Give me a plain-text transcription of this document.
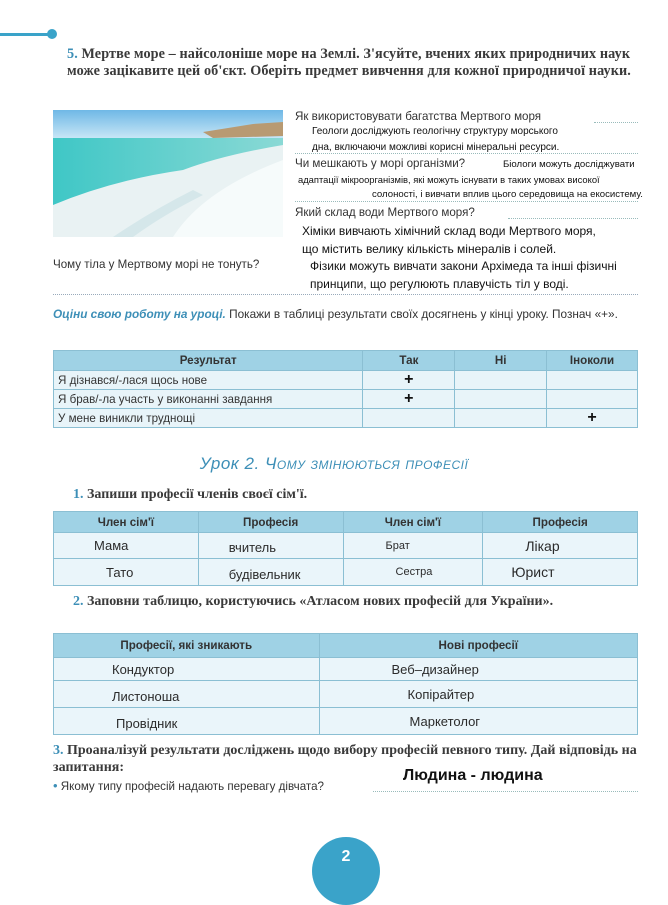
5. Мертве море – найсолоніше море на Землі. З'ясуйте, вчених яких природничих наук може зацікавите цей об'єкт. Оберіть предмет вивчення для кожної природничої науки.
Як використовувати багатства Мертвого моря
Геологи досліджують геологічну структуру морського
дна, включаючи можливі корисні мінеральні ресурси.
Чи мешкають у морі організми?	Біологи можуть досліджувати
адаптації мікроорганізмів, які можуть існувати в таких умовах високої
солоності, і вивчати вплив цього середовища на екосистему.
Який склад води Мертвого моря?
Хіміки вивчають хімічний склад води Мертвого моря,
що містить велику кількість мінералів і солей.
Чому тіла у Мертвому морі не тонуть?	Фізики можуть вивчати закони Архімеда та інші фізичні
принципи, що регулюють плавучість тіл у воді.
Оціни свою роботу на уроці. Покажи в таблиці результати своїх досягнень у кінці уроку. Познач «+».
Результат	Так	Ні	Іноколи
Я дізнався/-лася щось нове	+		
Я брав/-ла участь у виконанні завдання	+		
У мене виникли труднощі			+
Урок 2. Чому змінюються професії
1. Запиши професії членів своєї сім'ї.
Член сім'ї	Професія	Член сім'ї	Професія
Мама	вчитель	Брат	Лікар
Тато	будівельник	Сестра	Юрист
2. Заповни таблицю, користуючись «Атласом нових професій для України».
Професії, які зникають	Нові професії
Кондуктор	Веб–дизайнер
Листоноша	Копірайтер
Провідник	Маркетолог
3. Проаналізуй результати досліджень щодо вибору професій певного типу. Дай відповідь на запитання:
• Якому типу професій надають перевагу дівчата?
Людина - людина
2
